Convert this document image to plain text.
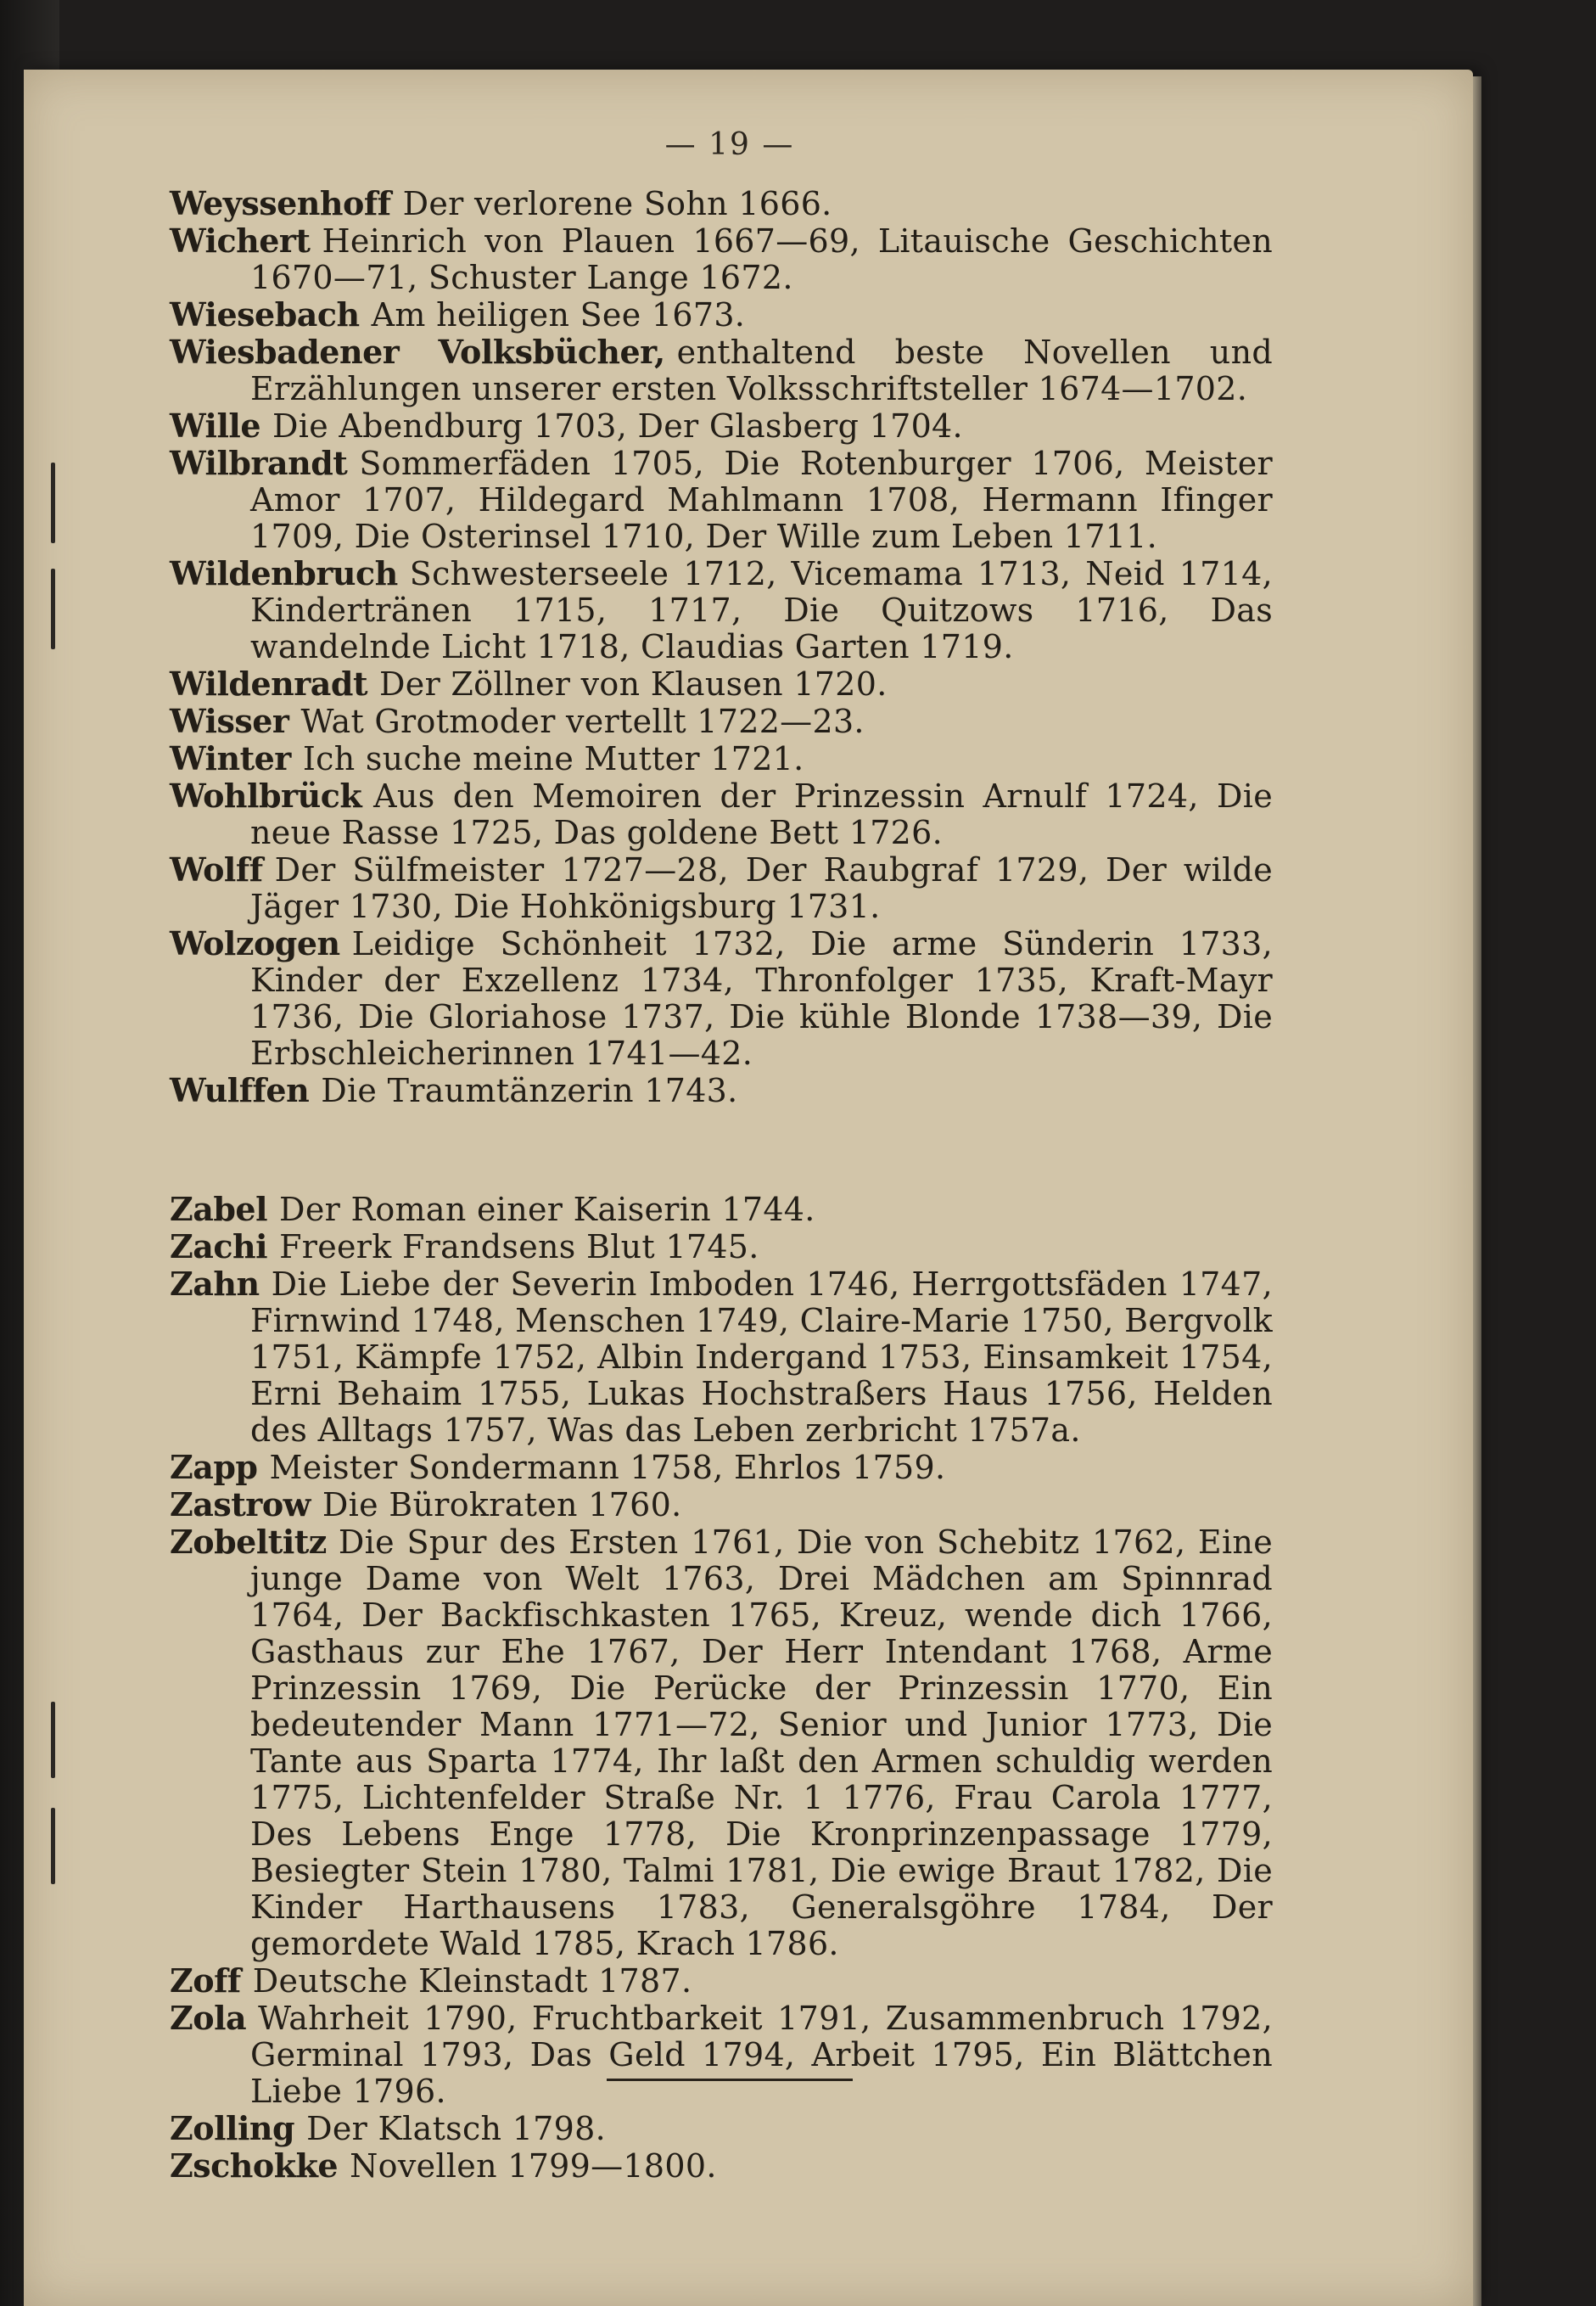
— 19 —

Weyssenhoff Der verlorene Sohn 1666.

Wichert Heinrich von Plauen 1667—69, Litauische Geschichten 1670—71, Schuster Lange 1672.

Wiesebach Am heiligen See 1673.

Wiesbadener Volksbücher, enthaltend beste Novellen und Erzählungen unserer ersten Volksschriftsteller 1674—1702.

Wille Die Abendburg 1703, Der Glasberg 1704.

Wilbrandt Sommerfäden 1705, Die Rotenburger 1706, Meister Amor 1707, Hildegard Mahlmann 1708, Hermann Ifinger 1709, Die Osterinsel 1710, Der Wille zum Leben 1711.

Wildenbruch Schwesterseele 1712, Vicemama 1713, Neid 1714, Kindertränen 1715, 1717, Die Quitzows 1716, Das wandelnde Licht 1718, Claudias Garten 1719.

Wildenradt Der Zöllner von Klausen 1720.

Wisser Wat Grotmoder vertellt 1722—23.

Winter Ich suche meine Mutter 1721.

Wohlbrück Aus den Memoiren der Prinzessin Arnulf 1724, Die neue Rasse 1725, Das goldene Bett 1726.

Wolff Der Sülfmeister 1727—28, Der Raubgraf 1729, Der wilde Jäger 1730, Die Hohkönigsburg 1731.

Wolzogen Leidige Schönheit 1732, Die arme Sünderin 1733, Kinder der Exzellenz 1734, Thronfolger 1735, Kraft-Mayr 1736, Die Gloriahose 1737, Die kühle Blonde 1738—39, Die Erbschleicherinnen 1741—42.

Wulffen Die Traumtänzerin 1743.

Zabel Der Roman einer Kaiserin 1744.

Zachi Freerk Frandsens Blut 1745.

Zahn Die Liebe der Severin Imboden 1746, Herrgottsfäden 1747, Firnwind 1748, Menschen 1749, Claire-Marie 1750, Bergvolk 1751, Kämpfe 1752, Albin Indergand 1753, Einsamkeit 1754, Erni Behaim 1755, Lukas Hochstraßers Haus 1756, Helden des Alltags 1757, Was das Leben zerbricht 1757a.

Zapp Meister Sondermann 1758, Ehrlos 1759.

Zastrow Die Bürokraten 1760.

Zobeltitz Die Spur des Ersten 1761, Die von Schebitz 1762, Eine junge Dame von Welt 1763, Drei Mädchen am Spinnrad 1764, Der Backfischkasten 1765, Kreuz, wende dich 1766, Gasthaus zur Ehe 1767, Der Herr Intendant 1768, Arme Prinzessin 1769, Die Perücke der Prinzessin 1770, Ein bedeutender Mann 1771—72, Senior und Junior 1773, Die Tante aus Sparta 1774, Ihr laßt den Armen schuldig werden 1775, Lichtenfelder Straße Nr. 1 1776, Frau Carola 1777, Des Lebens Enge 1778, Die Kronprinzenpassage 1779, Besiegter Stein 1780, Talmi 1781, Die ewige Braut 1782, Die Kinder Harthausens 1783, Generalsgöhre 1784, Der gemordete Wald 1785, Krach 1786.

Zoff Deutsche Kleinstadt 1787.

Zola Wahrheit 1790, Fruchtbarkeit 1791, Zusammenbruch 1792, Germinal 1793, Das Geld 1794, Arbeit 1795, Ein Blättchen Liebe 1796.

Zolling Der Klatsch 1798.

Zschokke Novellen 1799—1800.
